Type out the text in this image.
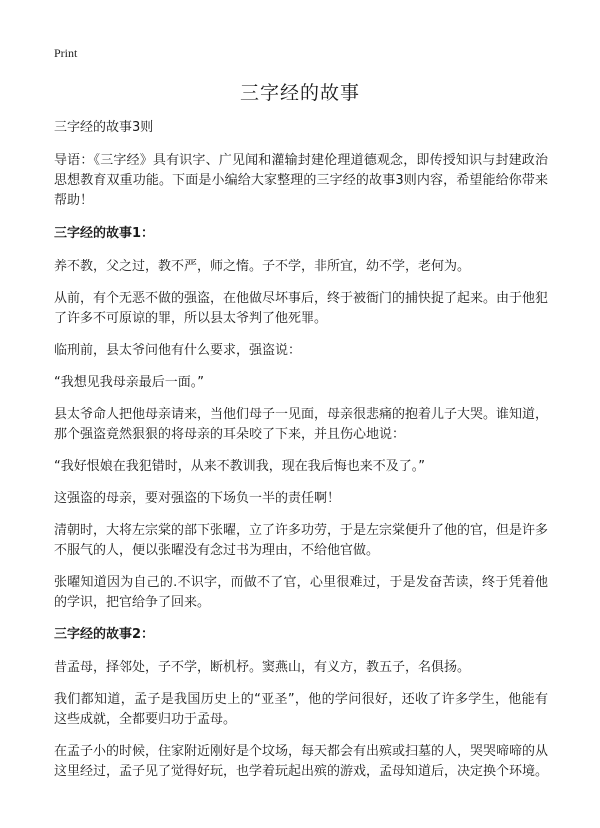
Print
三字经的故事

三字经的故事3则

导语：《三字经》具有识字、广见闻和灌输封建伦理道德观念，即传授知识与封建政治思想教育双重功能。下面是小编给大家整理的三字经的故事3则内容，希望能给你带来帮助！

三字经的故事1：

养不教，父之过，教不严，师之惰。子不学，非所宜，幼不学，老何为。

从前，有个无恶不做的强盗，在他做尽坏事后，终于被衙门的捕快捉了起来。由于他犯了许多不可原谅的罪，所以县太爷判了他死罪。

临刑前，县太爷问他有什么要求，强盗说：

“我想见我母亲最后一面。”

县太爷命人把他母亲请来，当他们母子一见面，母亲很悲痛的抱着儿子大哭。谁知道，那个强盗竟然狠狠的将母亲的耳朵咬了下来，并且伤心地说：

“我好恨娘在我犯错时，从来不教训我，现在我后悔也来不及了。”

这强盗的母亲，要对强盗的下场负一半的责任啊！

清朝时，大将左宗棠的部下张曜，立了许多功劳，于是左宗棠便升了他的官，但是许多不服气的人，便以张曜没有念过书为理由，不给他官做。

张曜知道因为自己的.不识字，而做不了官，心里很难过，于是发奋苦读，终于凭着他的学识，把官给争了回来。

三字经的故事2：

昔孟母，择邻处，子不学，断机杼。窦燕山，有义方，教五子，名俱扬。

我们都知道，孟子是我国历史上的“亚圣”，他的学问很好，还收了许多学生，他能有这些成就，全都要归功于孟母。

在孟子小的时候，住家附近刚好是个坟场，每天都会有出殡或扫墓的人，哭哭啼啼的从这里经过，孟子见了觉得好玩，也学着玩起出殡的游戏，孟母知道后，决定换个环境。
